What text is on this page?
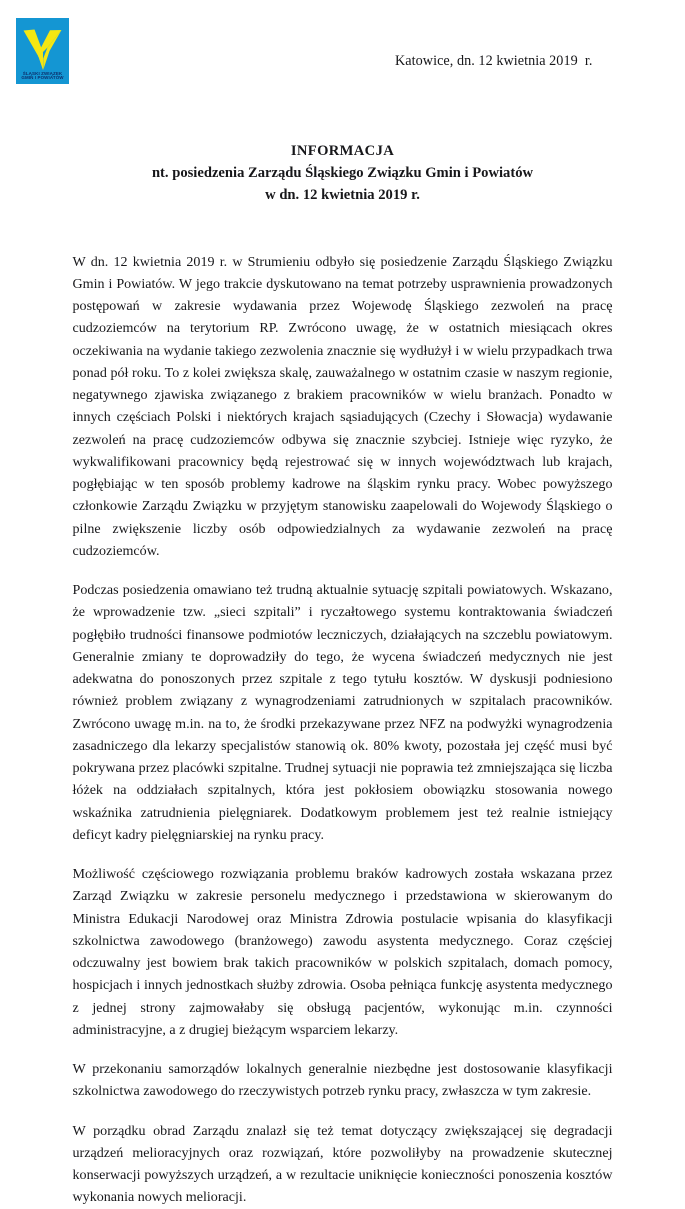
ŚLĄSKI ZWIĄZEK
GMIN I POWIATÓW
Katowice, dn. 12 kwietnia 2019  r.
INFORMACJA
nt. posiedzenia Zarządu Śląskiego Związku Gmin i Powiatów
w dn. 12 kwietnia 2019 r.

W dn. 12 kwietnia 2019 r. w Strumieniu odbyło się posiedzenie Zarządu Śląskiego Związku Gmin i Powiatów. W jego trakcie dyskutowano na temat potrzeby usprawnienia prowadzonych postępowań w zakresie wydawania przez Wojewodę Śląskiego zezwoleń na pracę cudzoziemców na terytorium RP. Zwrócono uwagę, że w ostatnich miesiącach okres oczekiwania na wydanie takiego zezwolenia znacznie się wydłużył i w wielu przypadkach trwa ponad pół roku. To z kolei zwiększa skalę, zauważalnego w ostatnim czasie w naszym regionie, negatywnego zjawiska związanego z brakiem pracowników w wielu branżach. Ponadto w innych częściach Polski i niektórych krajach sąsiadujących (Czechy i Słowacja) wydawanie zezwoleń na pracę cudzoziemców odbywa się znacznie szybciej. Istnieje więc ryzyko, że wykwalifikowani pracownicy będą rejestrować się w innych województwach lub krajach, pogłębiając w ten sposób problemy kadrowe na śląskim rynku pracy. Wobec powyższego członkowie Zarządu Związku w przyjętym stanowisku zaapelowali do Wojewody Śląskiego o pilne zwiększenie liczby osób odpowiedzialnych za wydawanie zezwoleń na pracę cudzoziemców.

Podczas posiedzenia omawiano też trudną aktualnie sytuację szpitali powiatowych. Wskazano, że wprowadzenie tzw. „sieci szpitali” i ryczałtowego systemu kontraktowania świadczeń pogłębiło trudności finansowe podmiotów leczniczych, działających na szczeblu powiatowym. Generalnie zmiany te doprowadziły do tego, że wycena świadczeń medycznych nie jest adekwatna do ponoszonych przez szpitale z tego tytułu kosztów. W dyskusji podniesiono również problem związany z wynagrodzeniami zatrudnionych w szpitalach pracowników. Zwrócono uwagę m.in. na to, że środki przekazywane przez NFZ na podwyżki wynagrodzenia zasadniczego dla lekarzy specjalistów stanowią ok. 80% kwoty, pozostała jej część musi być pokrywana przez placówki szpitalne. Trudnej sytuacji nie poprawia też zmniejszająca się liczba łóżek na oddziałach szpitalnych, która jest pokłosiem obowiązku stosowania nowego wskaźnika zatrudnienia pielęgniarek. Dodatkowym problemem jest też realnie istniejący deficyt kadry pielęgniarskiej na rynku pracy.

Możliwość częściowego rozwiązania problemu braków kadrowych została wskazana przez Zarząd Związku w zakresie personelu medycznego i przedstawiona w skierowanym do Ministra Edukacji Narodowej oraz Ministra Zdrowia postulacie wpisania do klasyfikacji szkolnictwa zawodowego (branżowego) zawodu asystenta medycznego. Coraz częściej odczuwalny jest bowiem brak takich pracowników w polskich szpitalach, domach pomocy, hospicjach i innych jednostkach służby zdrowia. Osoba pełniąca funkcję asystenta medycznego z jednej strony zajmowałaby się obsługą pacjentów, wykonując m.in. czynności administracyjne, a z drugiej bieżącym wsparciem lekarzy.

W przekonaniu samorządów lokalnych generalnie niezbędne jest dostosowanie klasyfikacji szkolnictwa zawodowego do rzeczywistych potrzeb rynku pracy, zwłaszcza w tym zakresie.

W porządku obrad Zarządu znalazł się też temat dotyczący zwiększającej się degradacji urządzeń melioracyjnych oraz rozwiązań, które pozwoliłyby na prowadzenie skutecznej konserwacji powyższych urządzeń, a w rezultacie uniknięcie konieczności ponoszenia kosztów wykonania nowych melioracji.
